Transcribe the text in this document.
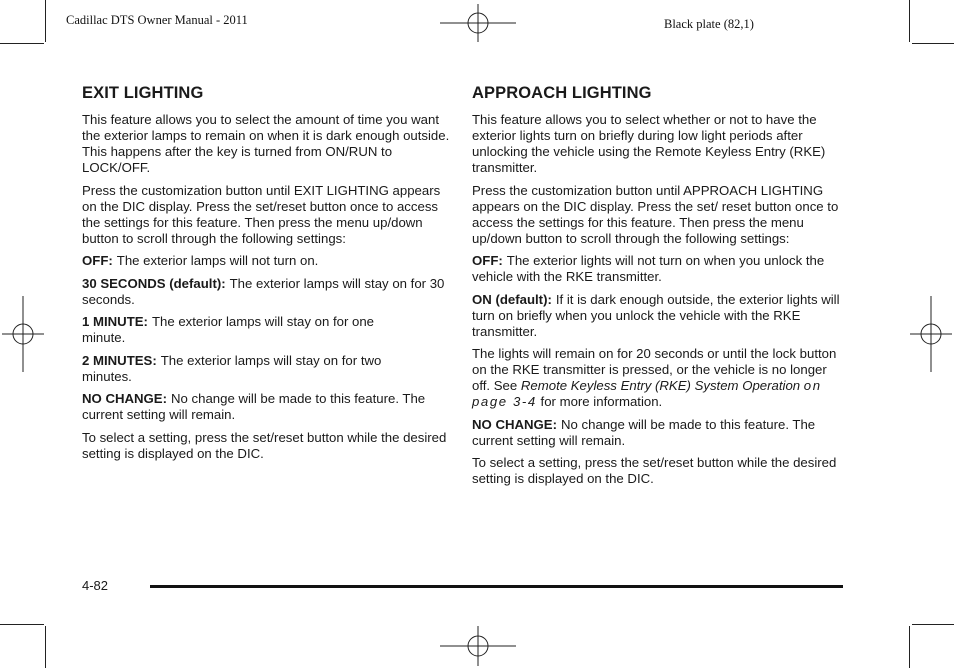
Cadillac DTS Owner Manual - 2011	Black plate (82,1)
EXIT LIGHTING

This feature allows you to select the amount of time you want the exterior lamps to remain on when it is dark enough outside. This happens after the key is turned from ON/RUN to LOCK/OFF.

Press the customization button until EXIT LIGHTING appears on the DIC display. Press the set/reset button once to access the settings for this feature. Then press the menu up/down button to scroll through the following settings:

OFF: The exterior lamps will not turn on.

30 SECONDS (default): The exterior lamps will stay on for 30 seconds.

1 MINUTE: The exterior lamps will stay on for one minute.

2 MINUTES: The exterior lamps will stay on for two minutes.

NO CHANGE: No change will be made to this feature. The current setting will remain.

To select a setting, press the set/reset button while the desired setting is displayed on the DIC.

APPROACH LIGHTING

This feature allows you to select whether or not to have the exterior lights turn on briefly during low light periods after unlocking the vehicle using the Remote Keyless Entry (RKE) transmitter.

Press the customization button until APPROACH LIGHTING appears on the DIC display. Press the set/ reset button once to access the settings for this feature. Then press the menu up/down button to scroll through the following settings:

OFF: The exterior lights will not turn on when you unlock the vehicle with the RKE transmitter.

ON (default): If it is dark enough outside, the exterior lights will turn on briefly when you unlock the vehicle with the RKE transmitter.

The lights will remain on for 20 seconds or until the lock button on the RKE transmitter is pressed, or the vehicle is no longer off. See Remote Keyless Entry (RKE) System Operation on page 3‑4 for more information.

NO CHANGE: No change will be made to this feature. The current setting will remain.

To select a setting, press the set/reset button while the desired setting is displayed on the DIC.

4-82
